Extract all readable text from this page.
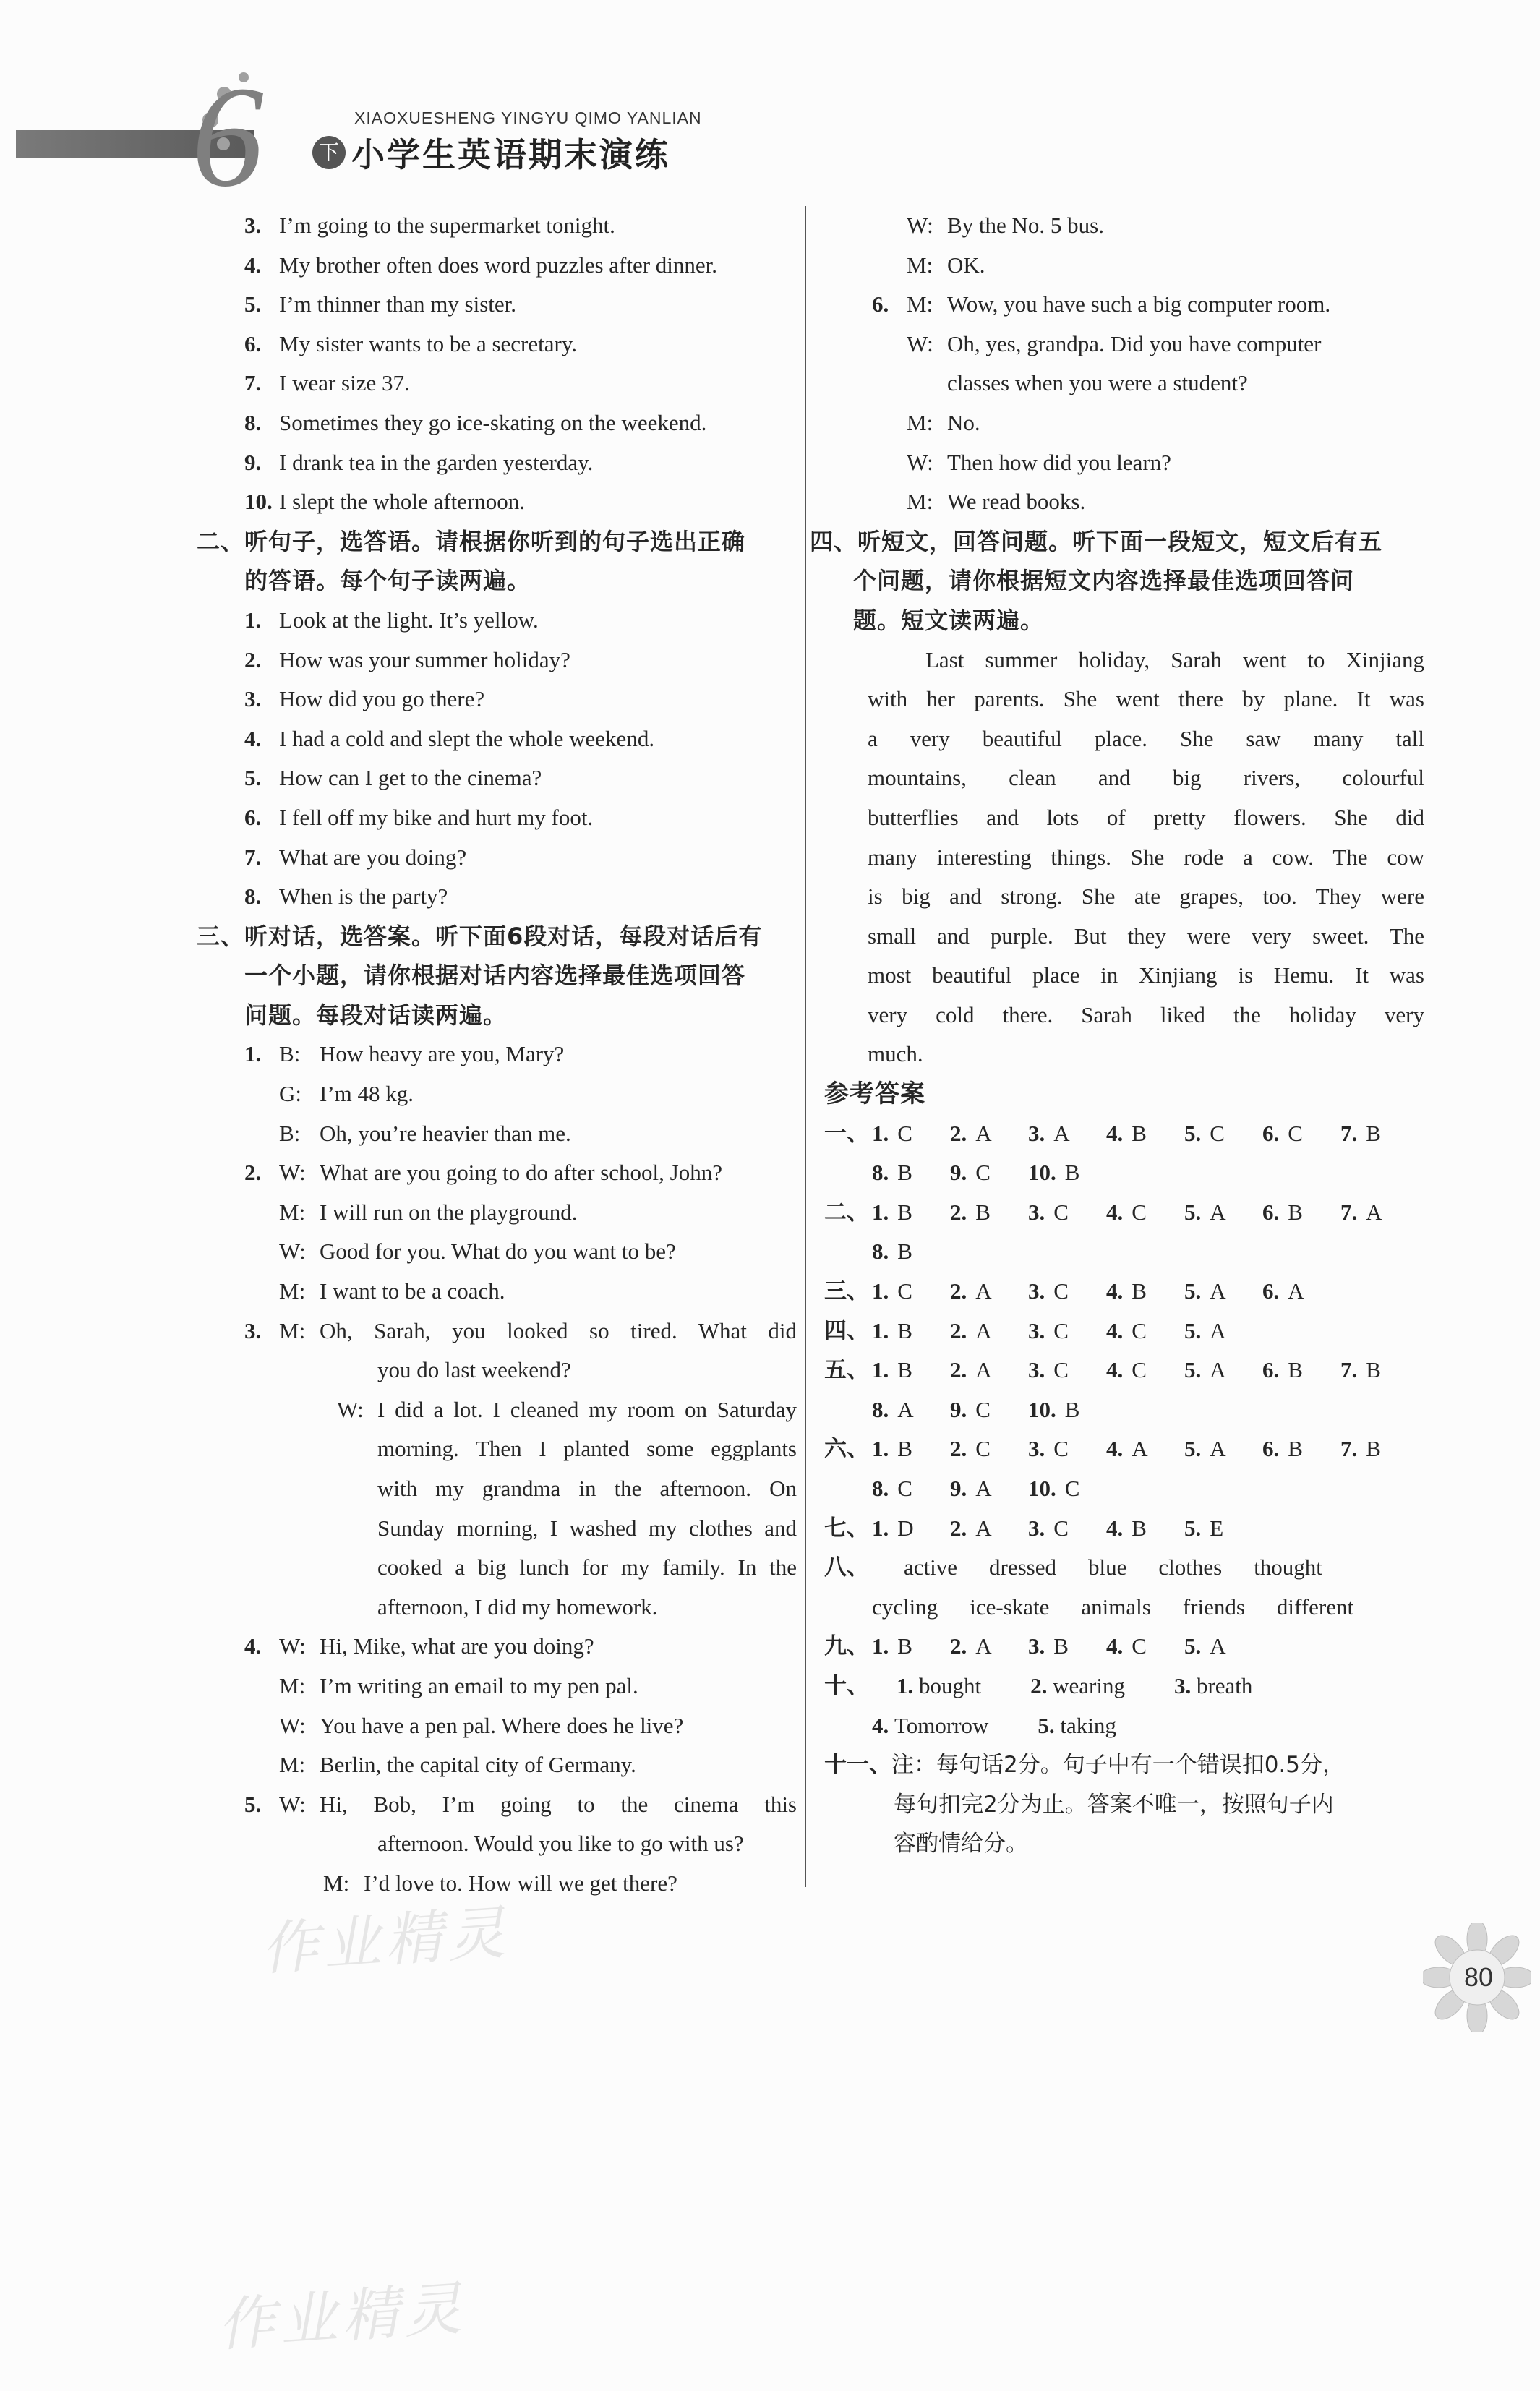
6	下
XIAOXUESHENG YINGYU QIMO YANLIAN
小学生英语期末演练
3. I’m going to the supermarket tonight.
4. My brother often does word puzzles after dinner.
5. I’m thinner than my sister.
6. My sister wants to be a secretary.
7. I wear size 37.
8. Sometimes they go ice-skating on the weekend.
9. I drank tea in the garden yesterday.
10. I slept the whole afternoon.
二、听句子，选答语。请根据你听到的句子选出正确
的答语。每个句子读两遍。
1. Look at the light. It’s yellow.
2. How was your summer holiday?
3. How did you go there?
4. I had a cold and slept the whole weekend.
5. How can I get to the cinema?
6. I fell off my bike and hurt my foot.
7. What are you doing?
8. When is the party?
三、听对话，选答案。听下面6段对话，每段对话后有
一个小题，请你根据对话内容选择最佳选项回答
问题。每段对话读两遍。
1. B: How heavy are you, Mary?
G: I’m 48 kg.
B: Oh, you’re heavier than me.
2. W: What are you going to do after school, John?
M: I will run on the playground.
W: Good for you. What do you want to be?
M: I want to be a coach.
3. M: Oh, Sarah, you looked so tired. What did
you do last weekend?
W: I did a lot. I cleaned my room on Saturday
morning. Then I planted some eggplants
with my grandma in the afternoon. On
Sunday morning, I washed my clothes and
cooked a big lunch for my family. In the
afternoon, I did my homework.
4. W: Hi, Mike, what are you doing?
M: I’m writing an email to my pen pal.
W: You have a pen pal. Where does he live?
M: Berlin, the capital city of Germany.
5. W: Hi, Bob, I’m going to the cinema this
afternoon. Would you like to go with us?
M: I’d love to. How will we get there?
W: By the No. 5 bus.
M: OK.
6. M: Wow, you have such a big computer room.
W: Oh, yes, grandpa. Did you have computer
classes when you were a student?
M: No.
W: Then how did you learn?
M: We read books.
四、听短文，回答问题。听下面一段短文，短文后有五
个问题，请你根据短文内容选择最佳选项回答问
题。短文读两遍。
Last summer holiday, Sarah went to Xinjiang
with her parents. She went there by plane. It was
a very beautiful place. She saw many tall
mountains, clean and big rivers, colourful
butterflies and lots of pretty flowers. She did
many interesting things. She rode a cow. The cow
is big and strong. She ate grapes, too. They were
small and purple. But they were very sweet. The
most beautiful place in Xinjiang is Hemu. It was
very cold there. Sarah liked the holiday very
much.
参考答案
一、 1. C 2. A 3. A 4. B 5. C 6. C 7. B
8. B 9. C 10. B
二、 1. B 2. B 3. C 4. C 5. A 6. B 7. A
8. B
三、 1. C 2. A 3. C 4. B 5. A 6. A
四、 1. B 2. A 3. C 4. C 5. A
五、 1. B 2. A 3. C 4. C 5. A 6. B 7. B
8. A 9. C 10. B
六、 1. B 2. C 3. C 4. A 5. A 6. B 7. B
8. C 9. A 10. C
七、 1. D 2. A 3. C 4. B 5. E
八、 active dressed blue clothes thought
cycling ice-skate animals friends different
九、 1. B 2. A 3. B 4. C 5. A
十、 1. bought 2. wearing 3. breath
4. Tomorrow 5. taking
十一、注：每句话2分。句子中有一个错误扣0.5分，
每句扣完2分为止。答案不唯一，按照句子内
容酌情给分。
80
作业精灵
作业精灵
